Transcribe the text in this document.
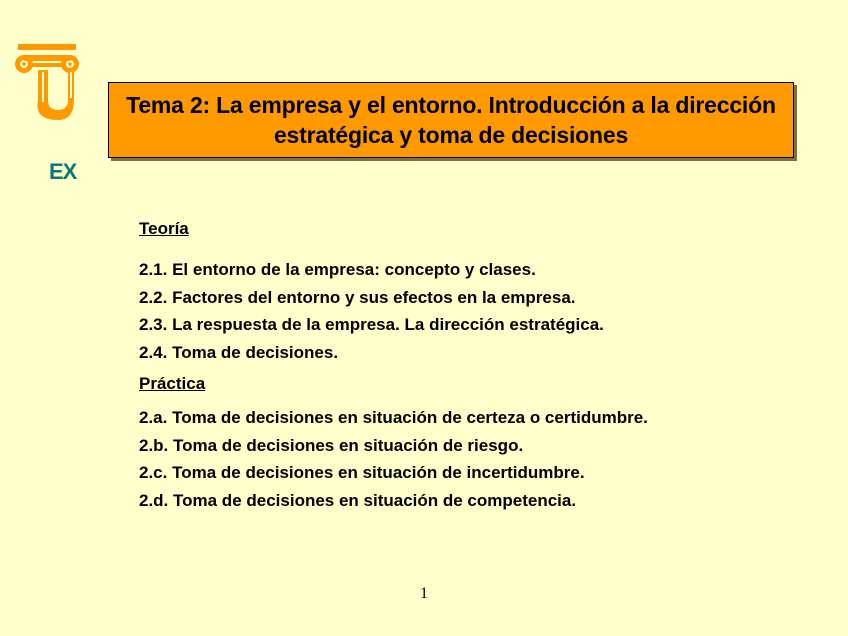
EX
Tema 2: La empresa y el entorno. Introducción a la dirección
estratégica y toma de decisiones

Teoría

2.1. El entorno de la empresa: concepto y clases.
2.2. Factores del entorno y sus efectos en la empresa.
2.3. La respuesta de la empresa. La dirección estratégica.
2.4. Toma de decisiones.

Práctica

2.a. Toma de decisiones en situación de certeza o certidumbre.
2.b. Toma de decisiones en situación de riesgo.
2.c. Toma de decisiones en situación de incertidumbre.
2.d. Toma de decisiones en situación de competencia.
1
